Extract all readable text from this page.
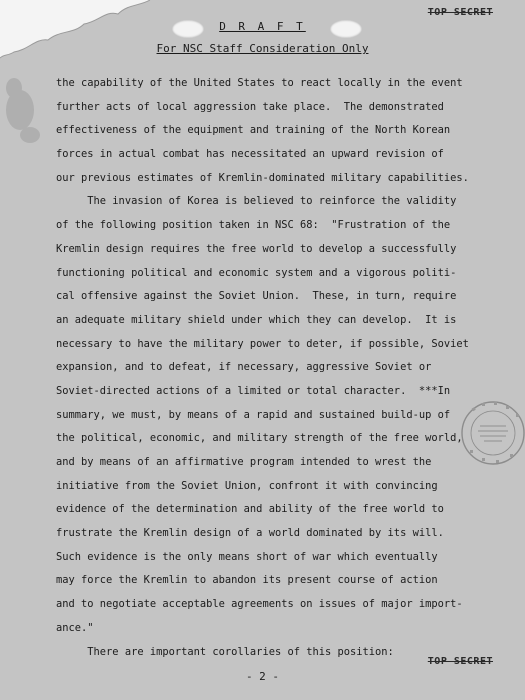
TOP SECRET
D R A F T
For NSC Staff Consideration Only
the capability of the United States to react locally in the event
further acts of local aggression take place.  The demonstrated
effectiveness of the equipment and training of the North Korean
forces in actual combat has necessitated an upward revision of
our previous estimates of Kremlin-dominated military capabilities.
The invasion of Korea is believed to reinforce the validity
of the following position taken in NSC 68:  "Frustration of the
Kremlin design requires the free world to develop a successfully
functioning political and economic system and a vigorous politi-
cal offensive against the Soviet Union.  These, in turn, require
an adequate military shield under which they can develop.  It is
necessary to have the military power to deter, if possible, Soviet
expansion, and to defeat, if necessary, aggressive Soviet or
Soviet-directed actions of a limited or total character.  ***In
summary, we must, by means of a rapid and sustained build-up of
the political, economic, and military strength of the free world,
and by means of an affirmative program intended to wrest the
initiative from the Soviet Union, confront it with convincing
evidence of the determination and ability of the free world to
frustrate the Kremlin design of a world dominated by its will.
Such evidence is the only means short of war which eventually
may force the Kremlin to abandon its present course of action
and to negotiate acceptable agreements on issues of major import-
ance."
There are important corollaries of this position:
TOP SECRET
- 2 -
